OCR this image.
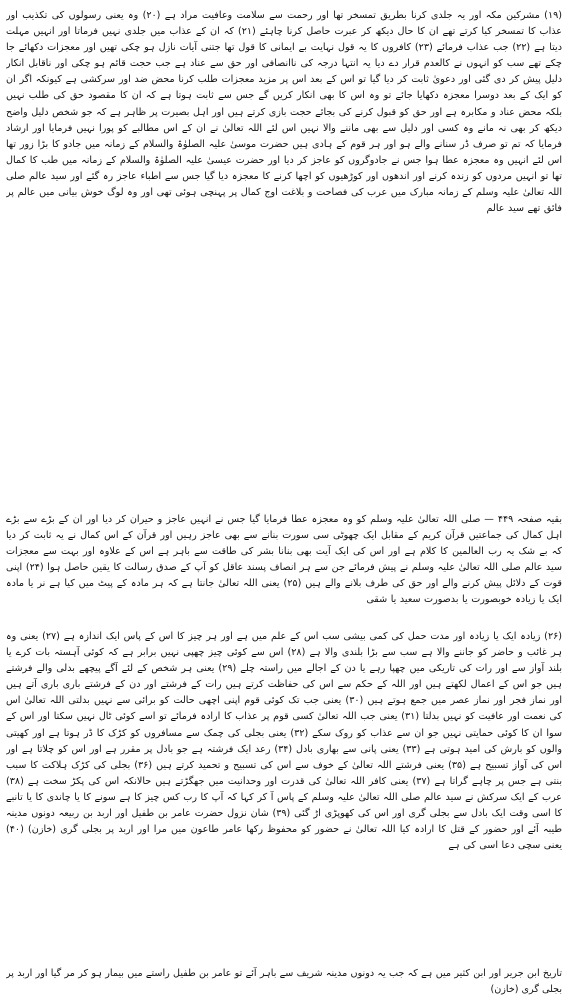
(۱۹) مشرکین مکہ اور یہ جلدی کرنا بطریق تمسخر تھا اور رحمت سے سلامت وعافیت مراد ہے (۲۰) وہ یعنی رسولوں کی تکذیب اور عذاب کا تمسخر کیا کرتے تھے ان کا حال دیکھ کر عبرت حاصل کرنا چاہئے (۲۱) کہ ان کے عذاب میں جلدی نہیں فرماتا اور انہیں مہلت دیتا ہے (۲۲) جب عذاب فرمائے (۲۳) کافروں کا یہ قول نہایت بے ایمانی کا قول تھا جتنی آیات نازل ہو چکی تھیں اور معجزات دکھائے جا چکے تھے سب کو انہوں نے کالعدم قرار دے دیا یہ انتہا درجہ کی ناانصافی اور حق سے عناد ہے جب حجت قائم ہو چکی اور ناقابل انکار دلیل پیش کر دی گئی اور دعویٰ ثابت کر دیا گیا تو اس کے بعد اس پر مزید معجزات طلب کرنا محض ضد اور سرکشی ہے کیونکہ اگر ان کو ایک کے بعد دوسرا معجزہ دکھایا جائے تو وہ اس کا بھی انکار کریں گے جس سے ثابت ہوتا ہے کہ ان کا مقصود حق کی طلب نہیں بلکہ محض عناد و مکابرہ ہے اور حق کو قبول کرنے کی بجائے حجت بازی کرتے ہیں اور اہل بصیرت پر ظاہر ہے کہ جو شخص دلیل واضح دیکھ کر بھی نہ مانے وہ کسی اور دلیل سے بھی ماننے والا نہیں اس لئے اللہ تعالیٰ نے ان کے اس مطالبے کو پورا نہیں فرمایا اور ارشاد فرمایا کہ تم تو صرف ڈر سنانے والے ہو اور ہر قوم کے ہادی ہیں حضرت موسیٰ علیہ الصلوٰۃ والسلام کے زمانہ میں جادو کا بڑا زور تھا اس لئے انہیں وہ معجزہ عطا ہوا جس نے جادوگروں کو عاجز کر دیا اور حضرت عیسیٰ علیہ الصلوٰۃ والسلام کے زمانہ میں طب کا کمال تھا تو انہیں مردوں کو زندہ کرنے اور اندھوں اور کوڑھیوں کو اچھا کرنے کا معجزہ دیا گیا جس سے اطباء عاجز رہ گئے اور سید عالم صلی اللہ تعالیٰ علیہ وسلم کے زمانہ مبارک میں عرب کی فصاحت و بلاغت اوج کمال پر پہنچی ہوئی تھی اور وہ لوگ خوش بیانی میں عالم پر فائق تھے سید عالم

بقیہ صفحہ ۴۴۹ — صلی اللہ تعالیٰ علیہ وسلم کو وہ معجزہ عطا فرمایا گیا جس نے انہیں عاجز و حیران کر دیا اور ان کے بڑے سے بڑے اہل کمال کی جماعتیں قرآن کریم کے مقابل ایک چھوٹی سی سورت بنانے سے بھی عاجز رہیں اور قرآن کے اس کمال نے یہ ثابت کر دیا کہ بے شک یہ رب العالمین کا کلام ہے اور اس کی ایک آیت بھی بنانا بشر کی طاقت سے باہر ہے اس کے علاوہ اور بہت سے معجزات سید عالم صلی اللہ تعالیٰ علیہ وسلم نے پیش فرمائے جن سے ہر انصاف پسند عاقل کو آپ کے صدق رسالت کا یقین حاصل ہوا (۲۴) اپنی قوت کے دلائل پیش کرنے والے اور حق کی طرف بلانے والے ہیں (۲۵) یعنی اللہ تعالیٰ جانتا ہے کہ ہر مادہ کے پیٹ میں کیا ہے نر یا مادہ ایک یا زیادہ خوبصورت یا بدصورت سعید یا شقی

(۲۶) زیادہ ایک یا زیادہ اور مدت حمل کی کمی بیشی سب اس کے علم میں ہے اور ہر چیز کا اس کے پاس ایک اندازہ ہے (۲۷) یعنی وہ ہر غائب و حاضر کو جاننے والا ہے سب سے بڑا بلندی والا ہے (۲۸) اس سے کوئی چیز چھپی نہیں برابر ہے کہ کوئی آہستہ بات کرے یا بلند آواز سے اور رات کی تاریکی میں چھپا رہے یا دن کے اجالے میں راستہ چلے (۲۹) یعنی ہر شخص کے لئے آگے پیچھے بدلی والے فرشتے ہیں جو اس کے اعمال لکھتے ہیں اور اللہ کے حکم سے اس کی حفاظت کرتے ہیں رات کے فرشتے اور دن کے فرشتے باری باری آتے ہیں اور نماز فجر اور نماز عصر میں جمع ہوتے ہیں (۳۰) یعنی جب تک کوئی قوم اپنی اچھی حالت کو برائی سے نہیں بدلتی اللہ تعالیٰ اس کی نعمت اور عافیت کو نہیں بدلتا (۳۱) یعنی جب اللہ تعالیٰ کسی قوم پر عذاب کا ارادہ فرمائے تو اسے کوئی ٹال نہیں سکتا اور اس کے سوا ان کا کوئی حمایتی نہیں جو ان سے عذاب کو روک سکے (۳۲) یعنی بجلی کی چمک سے مسافروں کو کڑک کا ڈر ہوتا ہے اور کھیتی والوں کو بارش کی امید ہوتی ہے (۳۳) یعنی پانی سے بھاری بادل (۳۴) رعد ایک فرشتہ ہے جو بادل پر مقرر ہے اور اس کو چلاتا ہے اور اس کی آواز تسبیح ہے (۳۵) یعنی فرشتے اللہ تعالیٰ کے خوف سے اس کی تسبیح و تحمید کرتے ہیں (۳۶) بجلی کی کڑک ہلاکت کا سبب بنتی ہے جس پر چاہے گراتا ہے (۳۷) یعنی کافر اللہ تعالیٰ کی قدرت اور وحدانیت میں جھگڑتے ہیں حالانکہ اس کی پکڑ سخت ہے (۳۸) عرب کے ایک سرکش نے سید عالم صلی اللہ تعالیٰ علیہ وسلم کے پاس آ کر کہا کہ آپ کا رب کس چیز کا ہے سونے کا یا چاندی کا یا تانبے کا اسی وقت ایک بادل سے بجلی گری اور اس کی کھوپڑی اڑ گئی (۳۹) شان نزول حضرت عامر بن طفیل اور اربد بن ربیعہ دونوں مدینہ طیبہ آئے اور حضور کے قتل کا ارادہ کیا اللہ تعالیٰ نے حضور کو محفوظ رکھا عامر طاعون میں مرا اور اربد پر بجلی گری (خازن) (۴۰) یعنی سچی دعا اسی کی ہے

تاریخ ابن جریر اور ابن کثیر میں ہے کہ جب یہ دونوں مدینہ شریف سے باہر آئے تو عامر بن طفیل راستے میں بیمار ہو کر مر گیا اور اربد پر بجلی گری (خازن)
